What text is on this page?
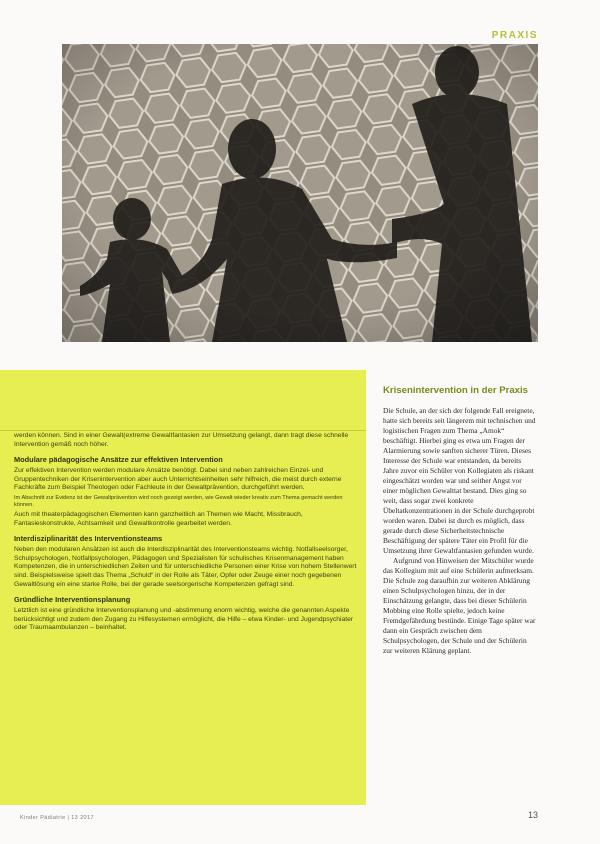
PRAXIS

werden können. Sind in einer Gewalt(extreme Gewaltfantasien zur Umsetzung gelangt, dann tragt diese schnelle Intervention gemäß noch höher.

Modulare pädagogische Ansätze zur effektiven Intervention

Zur effektiven Intervention werden modulare Ansätze benötigt. Dabei sind neben zahlreichen Einzel- und Gruppentechniken der Krisenintervention aber auch Unterrichtseinheiten sehr hilfreich, die meist durch externe Fachkräfte zum Beispiel Theologen oder Fachleute in der Gewaltprävention, durchgeführt werden.

Im Abschnitt zur Evidenz ist der Gewaltprävention wird noch gezeigt werden, wie Gewalt wieder kreativ zum Thema gemacht werden können.

Auch mit theaterpädagogischen Elementen kann ganzheitlich an Themen wie Macht, Missbrauch, Fantasieskonstrukte, Achtsamkeit und Gewaltkontrolle gearbeitet werden.

Interdisziplinarität des Interventionsteams

Neben den modularen Ansätzen ist auch die Interdisziplinarität des Interventionsteams wichtig. Notfallseelsorger, Schulpsychologen, Notfallpsychologen, Pädagogen und Spezialisten für schulisches Krisenmanagement haben Kompetenzen, die in unterschiedlichen Zeiten und für unterschiedliche Personen einer Krise von hohem Stellenwert sind. Beispielsweise spielt das Thema „Schuld“ in der Rolle als Täter, Opfer oder Zeuge einer noch gegebenen Gewaltlösung ein eine starke Rolle, bei der gerade seelsorgerische Kompetenzen gefragt sind.

Gründliche Interventionsplanung

Letztlich ist eine gründliche Interventionsplanung und -abstimmung enorm wichtig, welche die genannten Aspekte berücksichtigt und zudem den Zugang zu Hilfesystemen ermöglicht, die Hilfe – etwa Kinder- und Jugendpsychiater oder Traumaambulanzen – beinhaltet.

Krisenintervention in der Praxis

Die Schule, an der sich der folgende Fall ereignete, hatte sich bereits seit längerem mit technischen und logistischen Fragen zum Thema „Amok“ beschäftigt. Hierbei ging es etwa um Fragen der Alarmierung sowie sanften sicherer Türen. Dieses Interesse der Schule war entstanden, da bereits Jahre zuvor ein Schüler von Kollegiaten als riskant eingeschätzt worden war und seither Angst vor einer möglichen Gewalttat bestand. Dies ging so weit, dass sogar zwei konkrete Übeltatkonzentrationen in der Schule durchgeprobt worden waren. Dabei ist durch es möglich, dass gerade durch diese Sicherheitstechnische Beschäftigung der spätere Täter ein Profil für die Umsetzung ihrer Gewaltfantasien gefunden wurde.

Aufgrund von Hinweisen der Mitschüler wurde das Kollegium mit auf eine Schülerin aufmerksam. Die Schule zog daraufhin zur weiteren Abklärung einen Schulpsychologen hinzu, der in der Einschätzung gelangte, dass bei dieser Schülerin Mobbing eine Rolle spielte, jedoch keine Fremdgefährdung bestünde. Einige Tage später war dann ein Gespräch zwischen dem Schulpsychologen, der Schule und der Schülerin zur weiteren Klärung geplant.

Kinder Pädiatrie | 13 2017	13
